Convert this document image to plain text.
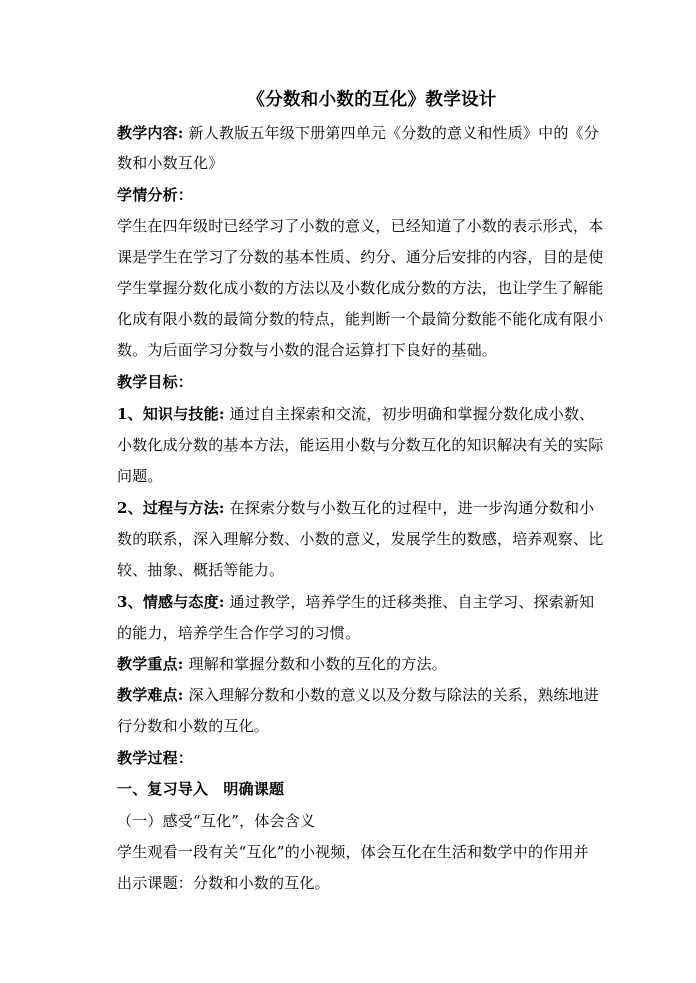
《分数和小数的互化》教学设计
教学内容: 新人教版五年级下册第四单元《分数的意义和性质》中的《分
数和小数互化》
学情分析：
学生在四年级时已经学习了小数的意义，已经知道了小数的表示形式，本
课是学生在学习了分数的基本性质、约分、通分后安排的内容，目的是使
学生掌握分数化成小数的方法以及小数化成分数的方法，也让学生了解能
化成有限小数的最简分数的特点，能判断一个最简分数能不能化成有限小
数。为后面学习分数与小数的混合运算打下良好的基础。
教学目标：
1、知识与技能: 通过自主探索和交流，初步明确和掌握分数化成小数、
小数化成分数的基本方法，能运用小数与分数互化的知识解决有关的实际
问题。
2、过程与方法: 在探索分数与小数互化的过程中，进一步沟通分数和小
数的联系，深入理解分数、小数的意义，发展学生的数感，培养观察、比
较、抽象、概括等能力。
3、情感与态度: 通过教学，培养学生的迁移类推、自主学习、探索新知
的能力，培养学生合作学习的习惯。
教学重点: 理解和掌握分数和小数的互化的方法。
教学难点: 深入理解分数和小数的意义以及分数与除法的关系，熟练地进
行分数和小数的互化。
教学过程：
一、复习导入　明确课题
（一）感受“互化”，体会含义
学生观看一段有关“互化”的小视频，体会互化在生活和数学中的作用并
出示课题：分数和小数的互化。
